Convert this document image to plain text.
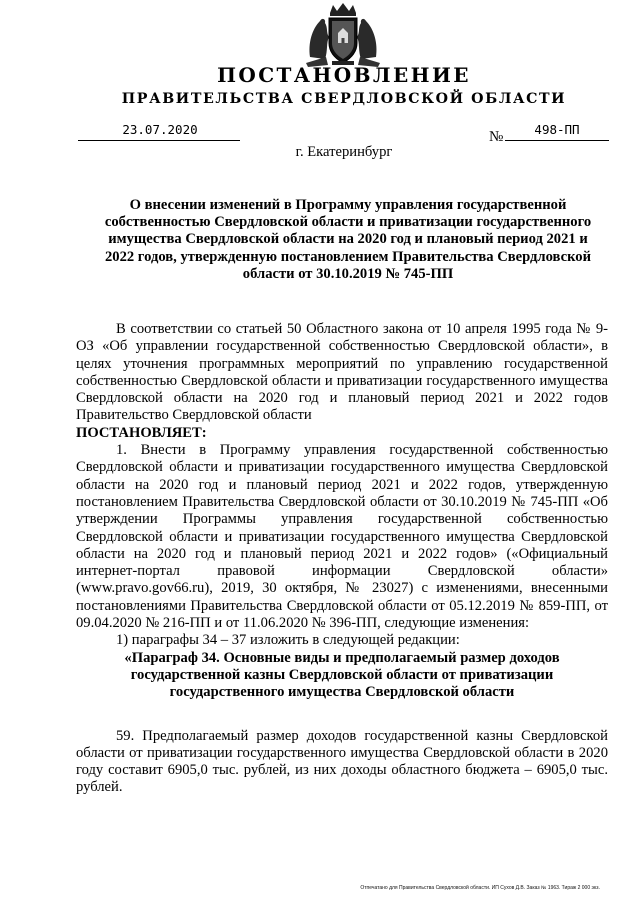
ПОСТАНОВЛЕНИЕ
ПРАВИТЕЛЬСТВА СВЕРДЛОВСКОЙ ОБЛАСТИ
23.07.2020	№	498-ПП
г. Екатеринбург
О внесении изменений в Программу управления государственной собственностью Свердловской области и приватизации государственного имущества Свердловской области на 2020 год и плановый период 2021 и 2022 годов, утвержденную постановлением Правительства Свердловской области от 30.10.2019 № 745-ПП

В соответствии со статьей 50 Областного закона от 10 апреля 1995 года № 9-ОЗ «Об управлении государственной собственностью Свердловской области», в целях уточнения программных мероприятий по управлению государственной собственностью Свердловской области и приватизации государственного имущества Свердловской области на 2020 год и плановый период 2021 и 2022 годов Правительство Свердловской области

ПОСТАНОВЛЯЕТ:

1. Внести в Программу управления государственной собственностью Свердловской области и приватизации государственного имущества Свердловской области на 2020 год и плановый период 2021 и 2022 годов, утвержденную постановлением Правительства Свердловской области от 30.10.2019 № 745-ПП «Об утверждении Программы управления государственной собственностью Свердловской области и приватизации государственного имущества Свердловской области на 2020 год и плановый период 2021 и 2022 годов» («Официальный интернет-портал правовой информации Свердловской области» (www.pravo.gov66.ru), 2019, 30 октября, № 23027) с изменениями, внесенными постановлениями Правительства Свердловской области от 05.12.2019 № 859-ПП, от 09.04.2020 № 216-ПП и от 11.06.2020 № 396-ПП, следующие изменения:

1) параграфы 34 – 37 изложить в следующей редакции:

«Параграф 34. Основные виды и предполагаемый размер доходов государственной казны Свердловской области от приватизации государственного имущества Свердловской области

59. Предполагаемый размер доходов государственной казны Свердловской области от приватизации государственного имущества Свердловской области в 2020 году составит 6905,0 тыс. рублей, из них доходы областного бюджета – 6905,0 тыс. рублей.

Отпечатано для Правительства Свердловской области. ИП Сухов Д.В. Заказ № 1963. Тираж 2 000 экз.
